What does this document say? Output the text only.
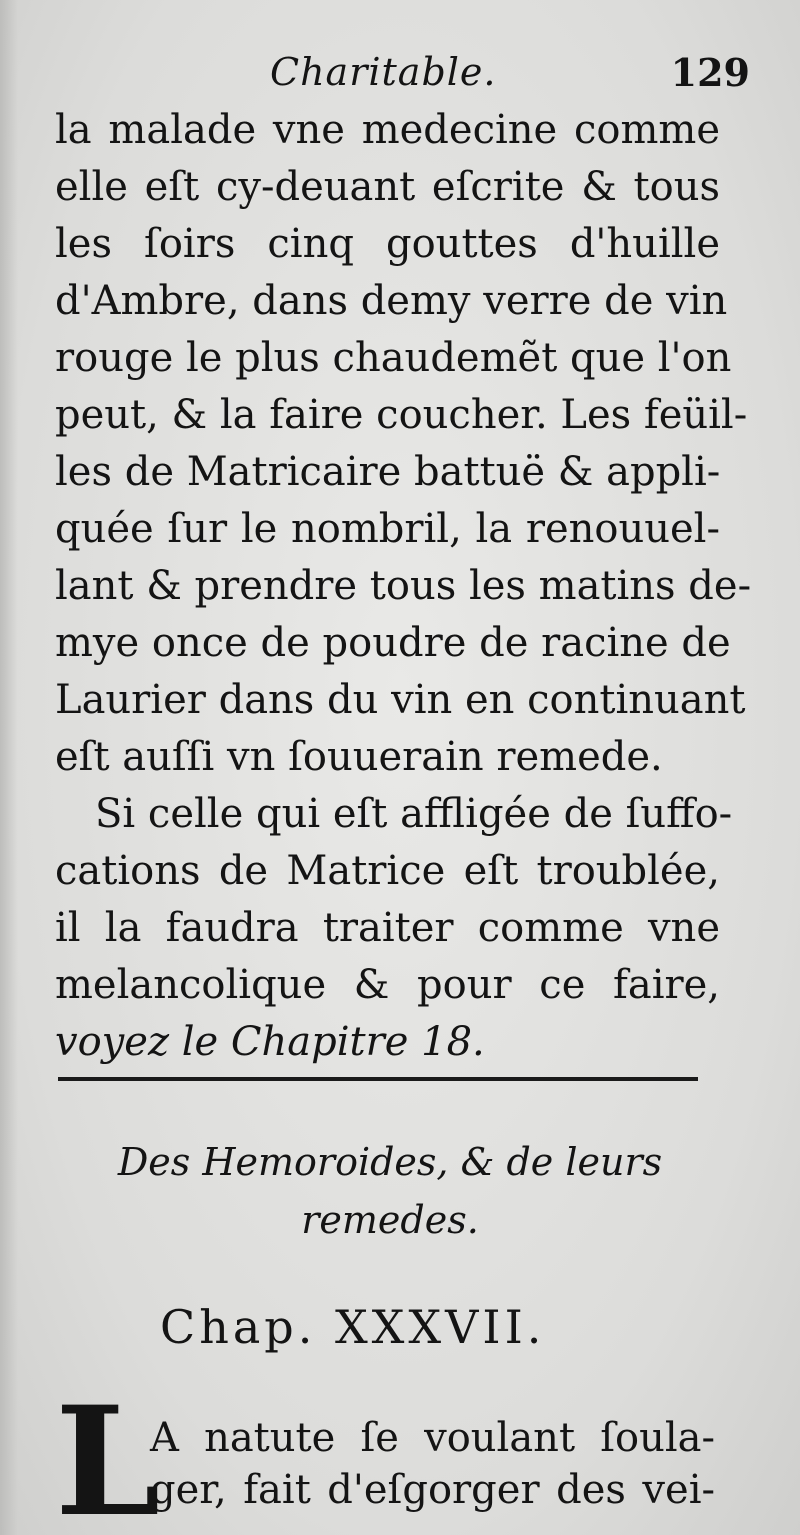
Charitable.	129
la malade vne medecine comme
elle eſt cy-deuant eſcrite & tous
les ſoirs cinq gouttes d'huille
d'Ambre, dans demy verre de vin
rouge le plus chaudemẽt que l'on
peut, & la faire coucher. Les feüil-
les de Matricaire battuë & appli-
quée ſur le nombril, la renouuel-
lant & prendre tous les matins de-
mye once de poudre de racine de
Laurier dans du vin en continuant
eſt auſſi vn ſouuerain remede.
Si celle qui eſt affligée de ſuffo-
cations de Matrice eſt troublée,
il la faudra traiter comme vne
melancolique & pour ce faire,
voyez le Chapitre 18.
Des Hemoroides, & de leurs
remedes.
Chap. XXXVII.
L
A natute ſe voulant ſoula-
ger, fait d'eſgorger des vei-
